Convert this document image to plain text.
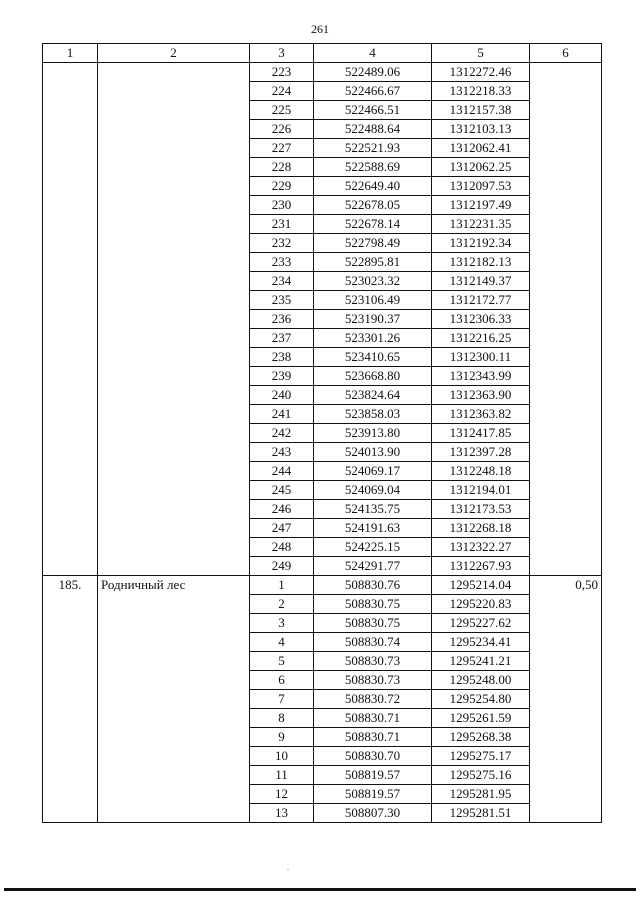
261
1	2	3	4	5	6
		223	522489.06	1312272.46	
		224	522466.67	1312218.33	
		225	522466.51	1312157.38	
		226	522488.64	1312103.13	
		227	522521.93	1312062.41	
		228	522588.69	1312062.25	
		229	522649.40	1312097.53	
		230	522678.05	1312197.49	
		231	522678.14	1312231.35	
		232	522798.49	1312192.34	
		233	522895.81	1312182.13	
		234	523023.32	1312149.37	
		235	523106.49	1312172.77	
		236	523190.37	1312306.33	
		237	523301.26	1312216.25	
		238	523410.65	1312300.11	
		239	523668.80	1312343.99	
		240	523824.64	1312363.90	
		241	523858.03	1312363.82	
		242	523913.80	1312417.85	
		243	524013.90	1312397.28	
		244	524069.17	1312248.18	
		245	524069.04	1312194.01	
		246	524135.75	1312173.53	
		247	524191.63	1312268.18	
		248	524225.15	1312322.27	
		249	524291.77	1312267.93	
185.	Родничный лес	1	508830.76	1295214.04	0,50
		2	508830.75	1295220.83	
		3	508830.75	1295227.62	
		4	508830.74	1295234.41	
		5	508830.73	1295241.21	
		6	508830.73	1295248.00	
		7	508830.72	1295254.80	
		8	508830.71	1295261.59	
		9	508830.71	1295268.38	
		10	508830.70	1295275.17	
		11	508819.57	1295275.16	
		12	508819.57	1295281.95	
		13	508807.30	1295281.51	
